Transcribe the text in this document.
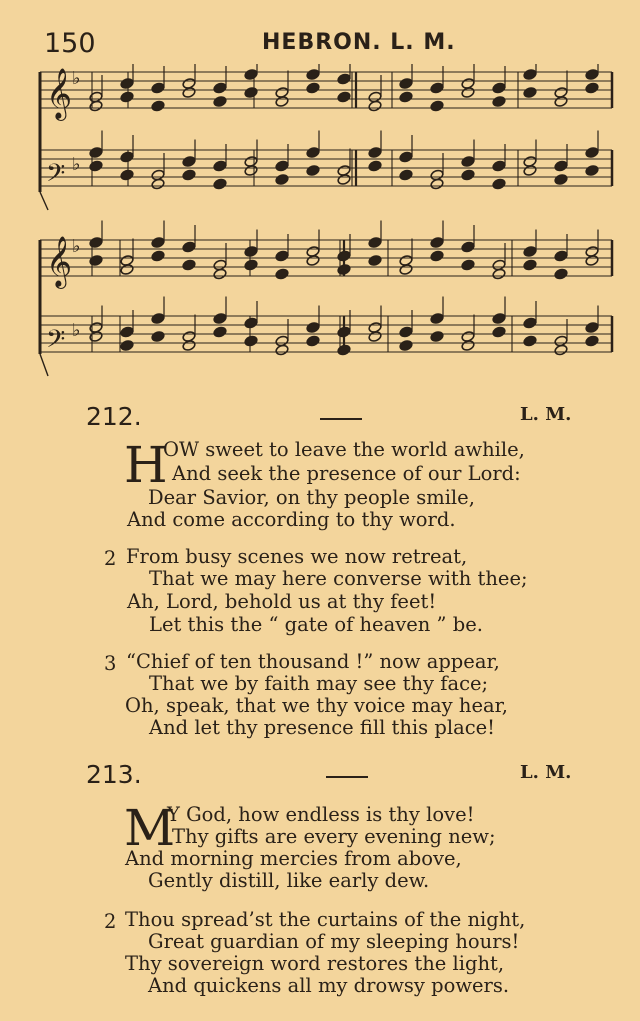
150	HEBRON. L. M.
𝄞 ♭
𝄢 ♭
𝄞 ♭
𝄢 ♭
212.	L. M.
H
OW sweet to leave the world awhile,
And seek the presence of our Lord:
Dear Savior, on thy people smile,
And come according to thy word.
2 From busy scenes we now retreat,
That we may here converse with thee;
Ah, Lord, behold us at thy feet!
Let this the “ gate of heaven ” be.
3 “Chief of ten thousand !” now appear,
That we by faith may see thy face;
Oh, speak, that we thy voice may hear,
And let thy presence fill this place!
213.	L. M.
M
Y God, how endless is thy love!
Thy gifts are every evening new;
And morning mercies from above,
Gently distill, like early dew.
2 Thou spread’st the curtains of the night,
Great guardian of my sleeping hours!
Thy sovereign word restores the light,
And quickens all my drowsy powers.
